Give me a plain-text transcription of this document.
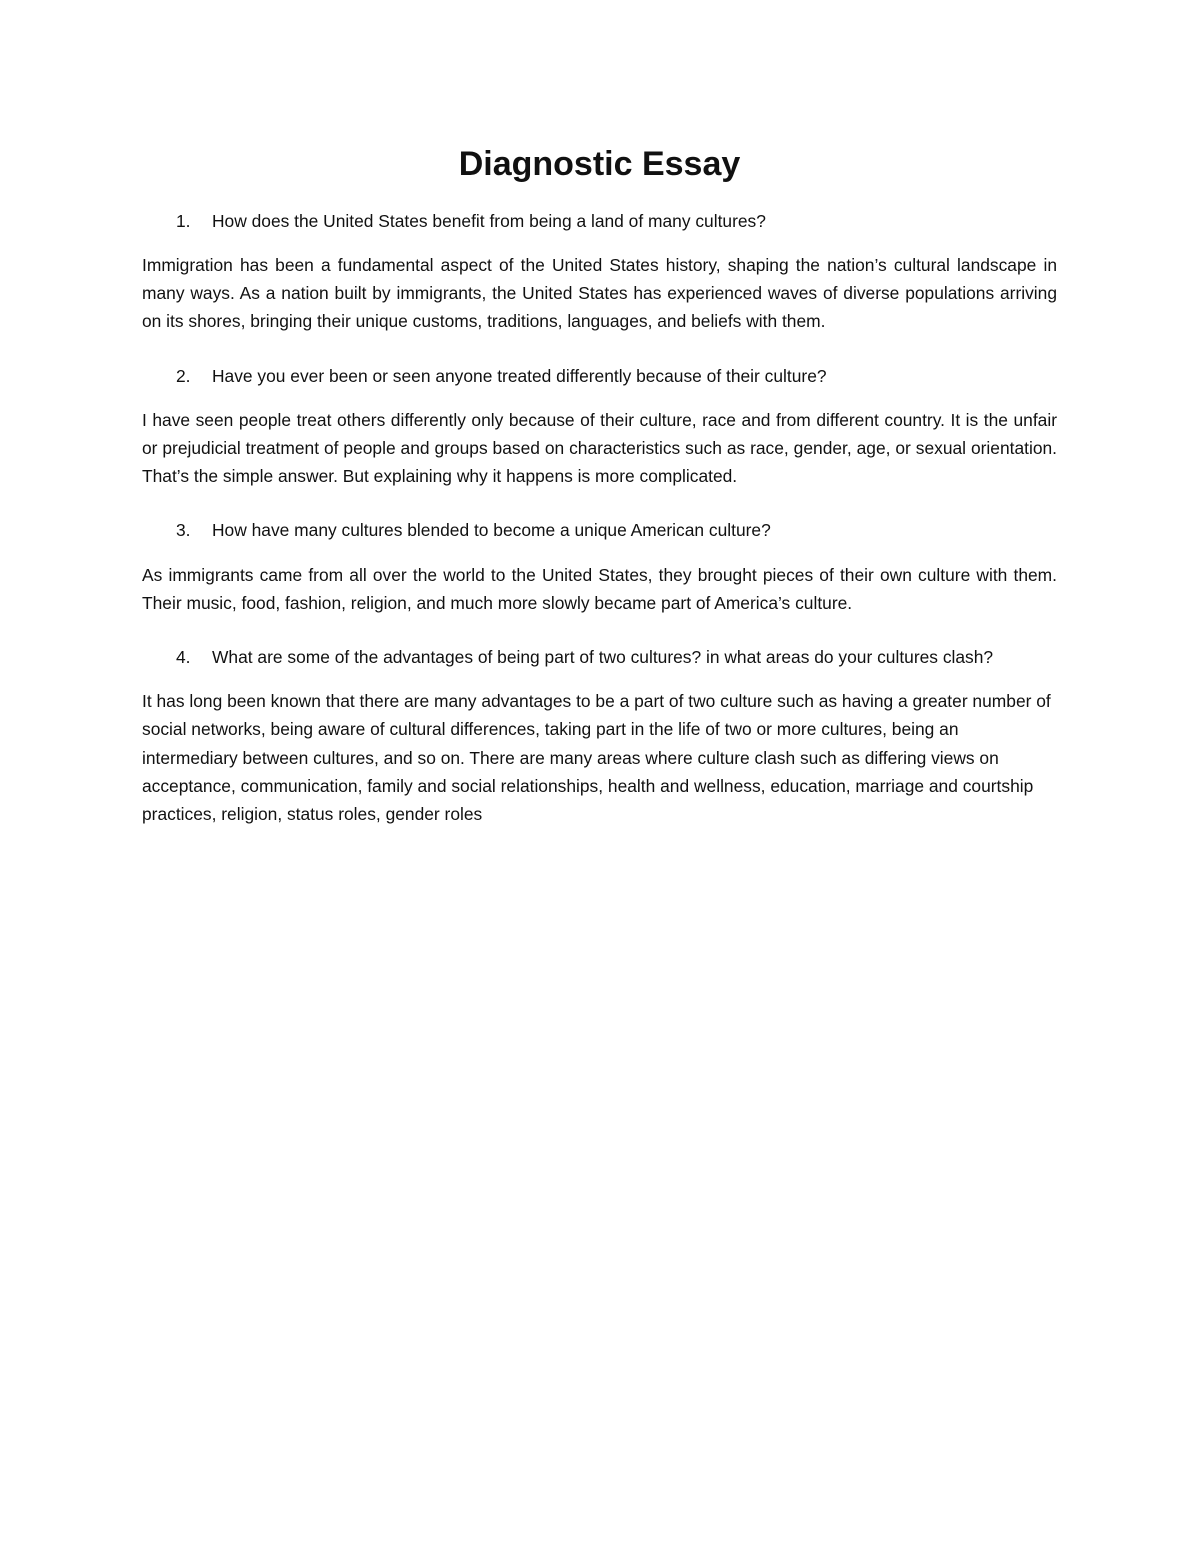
Diagnostic Essay
1.	How does the United States benefit from being a land of many cultures?

Immigration has been a fundamental aspect of the United States history, shaping the nation’s cultural landscape in many ways. As a nation built by immigrants, the United States has experienced waves of diverse populations arriving on its shores, bringing their unique customs, traditions, languages, and beliefs with them.

2.	Have you ever been or seen anyone treated differently because of their culture?

I have seen people treat others differently only because of their culture, race and from different country. It is the unfair or prejudicial treatment of people and groups based on characteristics such as race, gender, age, or sexual orientation. That’s the simple answer. But explaining why it happens is more complicated.

3.	How have many cultures blended to become a unique American culture?

As immigrants came from all over the world to the United States, they brought pieces of their own culture with them. Their music, food, fashion, religion, and much more slowly became part of America’s culture.

4.	What are some of the advantages of being part of two cultures? in what areas do your cultures clash?

It has long been known that there are many advantages to be a part of two culture such as having a greater number of social networks, being aware of cultural differences, taking part in the life of two or more cultures, being an intermediary between cultures, and so on. There are many areas where culture clash such as differing views on acceptance, communication, family and social relationships, health and wellness, education, marriage and courtship practices, religion, status roles, gender roles
